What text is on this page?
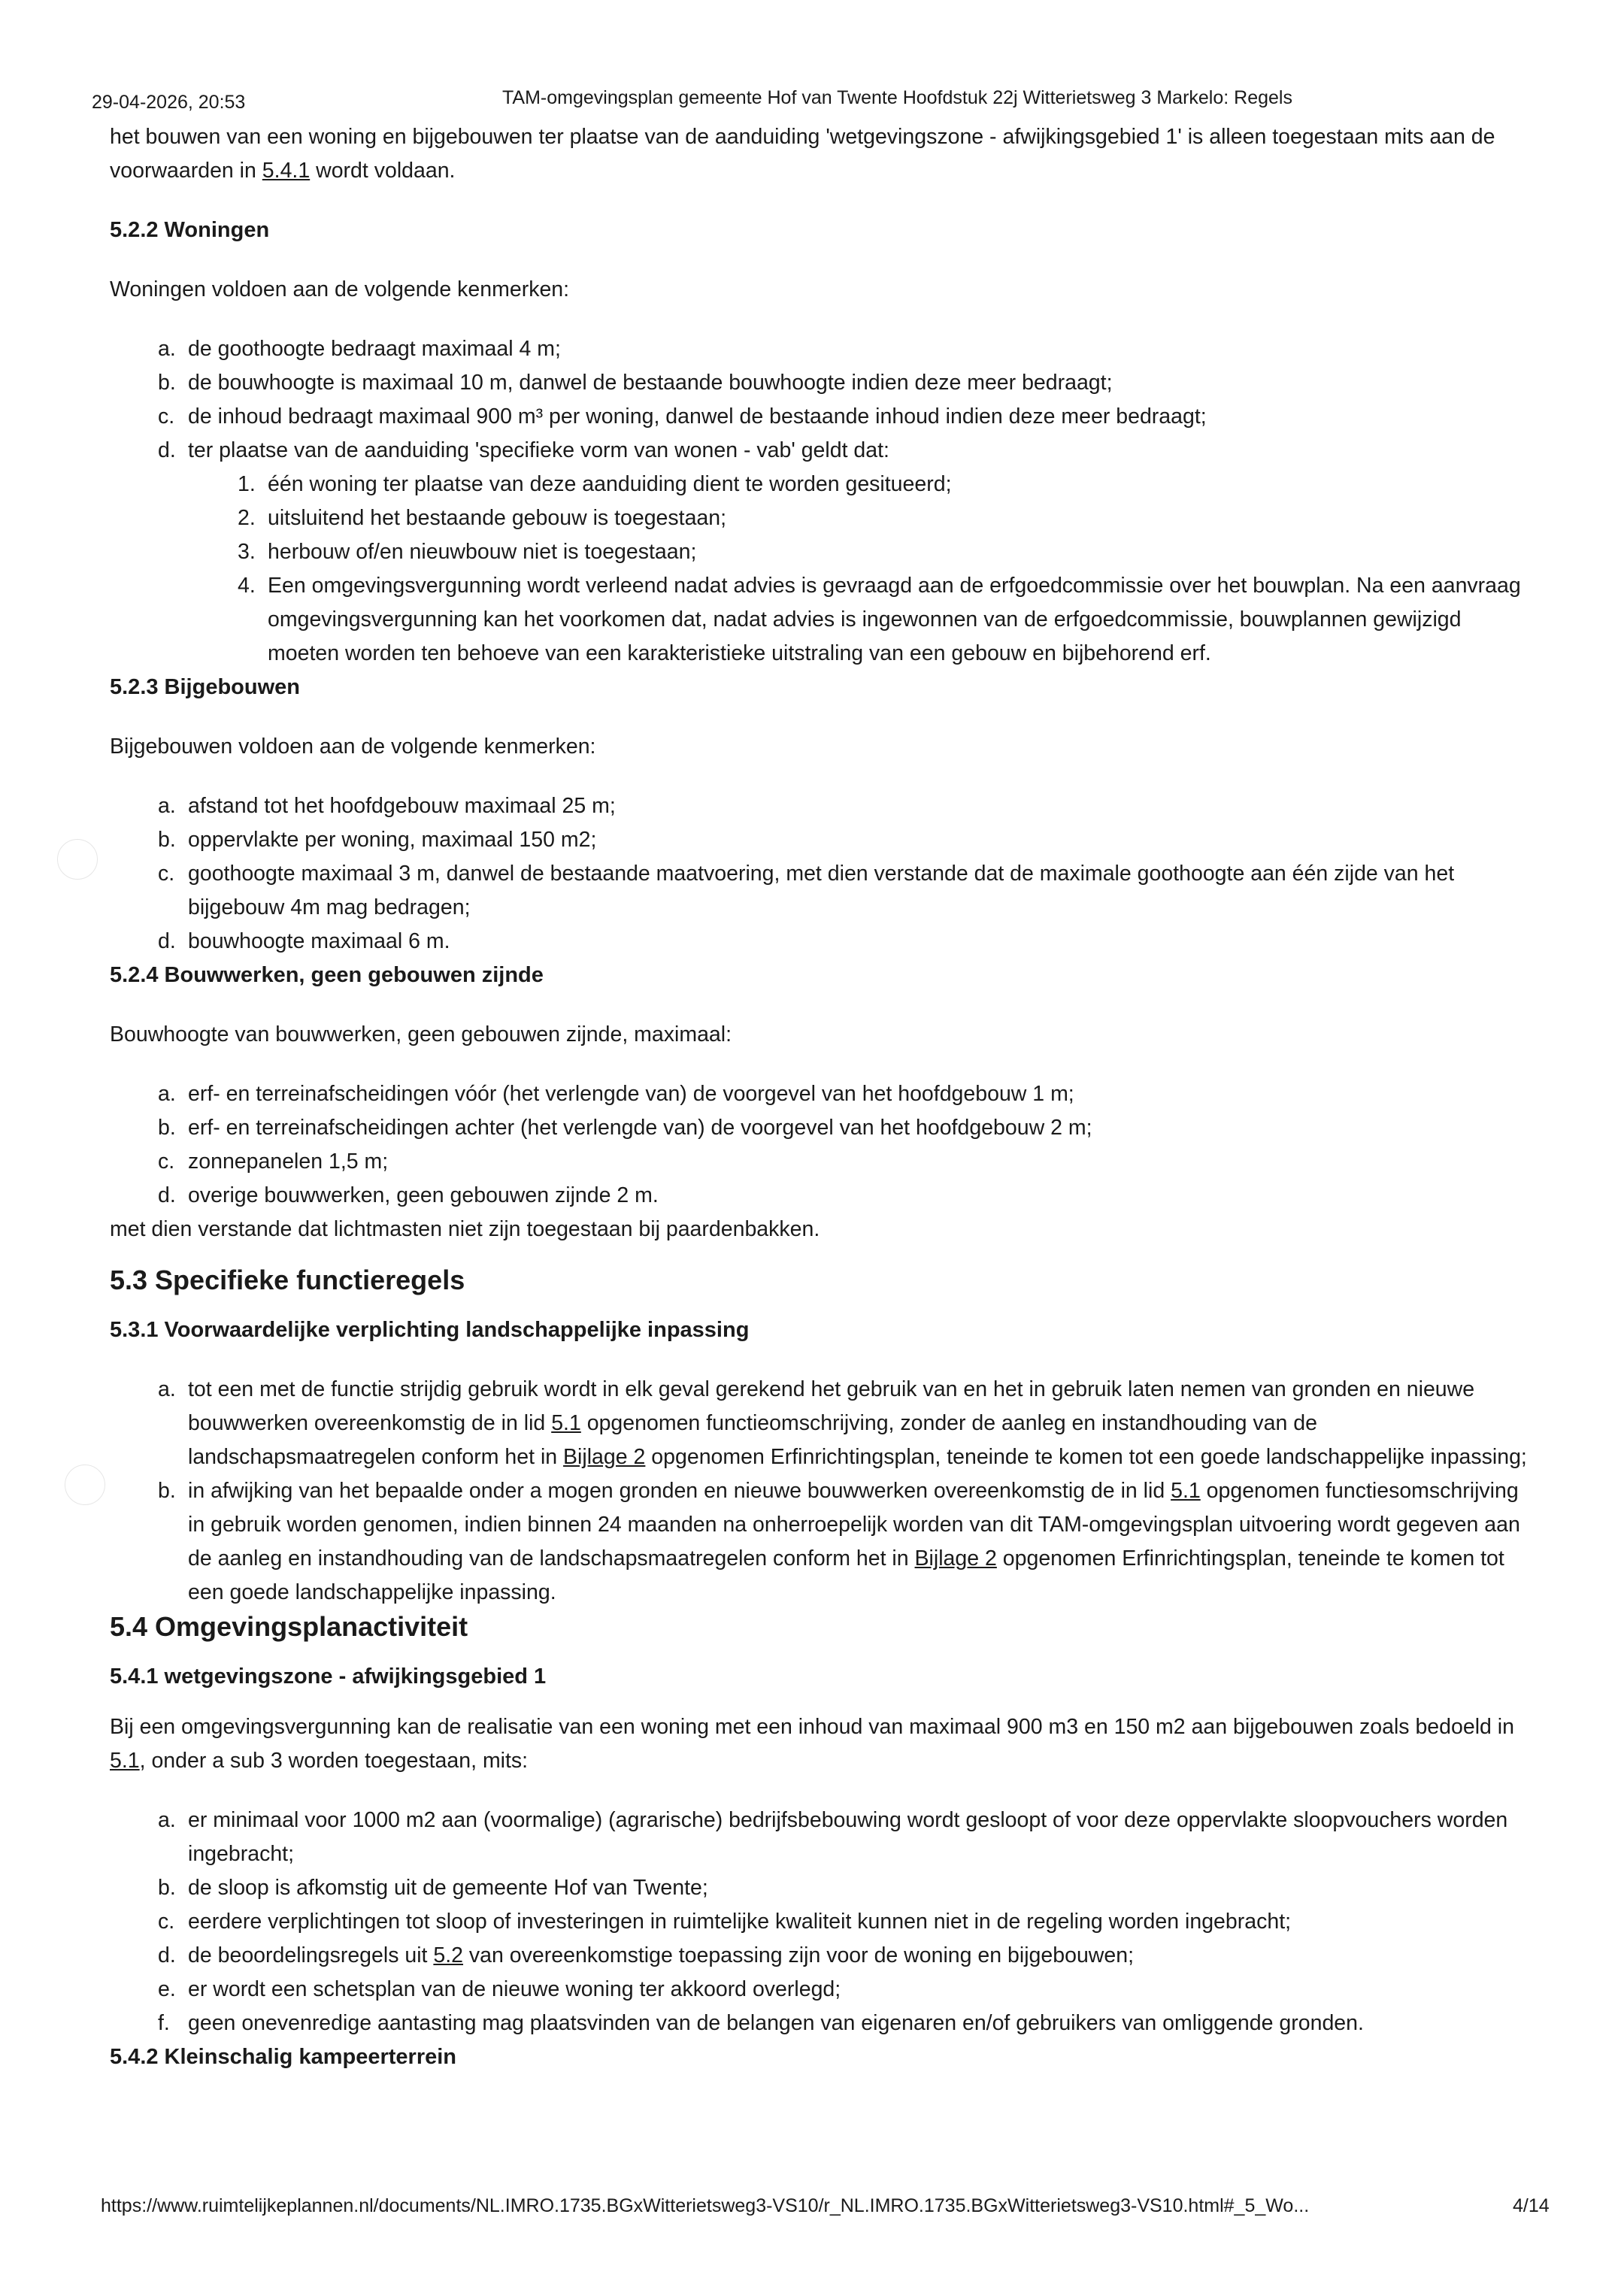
29-04-2026, 20:53	TAM-omgevingsplan gemeente Hof van Twente Hoofdstuk 22j Witterietsweg 3 Markelo: Regels

het bouwen van een woning en bijgebouwen ter plaatse van de aanduiding 'wetgevingszone - afwijkingsgebied 1' is alleen toegestaan mits aan de voorwaarden in 5.4.1 wordt voldaan.

5.2.2 Woningen

Woningen voldoen aan de volgende kenmerken:

a. de goothoogte bedraagt maximaal 4 m;
b. de bouwhoogte is maximaal 10 m, danwel de bestaande bouwhoogte indien deze meer bedraagt;
c. de inhoud bedraagt maximaal 900 m³ per woning, danwel de bestaande inhoud indien deze meer bedraagt;
d. ter plaatse van de aanduiding 'specifieke vorm van wonen - vab' geldt dat:
1. één woning ter plaatse van deze aanduiding dient te worden gesitueerd;
2. uitsluitend het bestaande gebouw is toegestaan;
3. herbouw of/en nieuwbouw niet is toegestaan;
4. Een omgevingsvergunning wordt verleend nadat advies is gevraagd aan de erfgoedcommissie over het bouwplan. Na een aanvraag omgevingsvergunning kan het voorkomen dat, nadat advies is ingewonnen van de erfgoedcommissie, bouwplannen gewijzigd moeten worden ten behoeve van een karakteristieke uitstraling van een gebouw en bijbehorend erf.

5.2.3 Bijgebouwen

Bijgebouwen voldoen aan de volgende kenmerken:

a. afstand tot het hoofdgebouw maximaal 25 m;
b. oppervlakte per woning, maximaal 150 m2;
c. goothoogte maximaal 3 m, danwel de bestaande maatvoering, met dien verstande dat de maximale goothoogte aan één zijde van het bijgebouw 4m mag bedragen;
d. bouwhoogte maximaal 6 m.

5.2.4 Bouwwerken, geen gebouwen zijnde

Bouwhoogte van bouwwerken, geen gebouwen zijnde, maximaal:

a. erf- en terreinafscheidingen vóór (het verlengde van) de voorgevel van het hoofdgebouw 1 m;
b. erf- en terreinafscheidingen achter (het verlengde van) de voorgevel van het hoofdgebouw 2 m;
c. zonnepanelen 1,5 m;
d. overige bouwwerken, geen gebouwen zijnde 2 m.

met dien verstande dat lichtmasten niet zijn toegestaan bij paardenbakken.

5.3 Specifieke functieregels

5.3.1 Voorwaardelijke verplichting landschappelijke inpassing

a. tot een met de functie strijdig gebruik wordt in elk geval gerekend het gebruik van en het in gebruik laten nemen van gronden en nieuwe bouwwerken overeenkomstig de in lid 5.1 opgenomen functieomschrijving, zonder de aanleg en instandhouding van de landschapsmaatregelen conform het in Bijlage 2 opgenomen Erfinrichtingsplan, teneinde te komen tot een goede landschappelijke inpassing;
b. in afwijking van het bepaalde onder a mogen gronden en nieuwe bouwwerken overeenkomstig de in lid 5.1 opgenomen functiesomschrijving in gebruik worden genomen, indien binnen 24 maanden na onherroepelijk worden van dit TAM-omgevingsplan uitvoering wordt gegeven aan de aanleg en instandhouding van de landschapsmaatregelen conform het in Bijlage 2 opgenomen Erfinrichtingsplan, teneinde te komen tot een goede landschappelijke inpassing.

5.4 Omgevingsplanactiviteit

5.4.1 wetgevingszone - afwijkingsgebied 1

Bij een omgevingsvergunning kan de realisatie van een woning met een inhoud van maximaal 900 m3 en 150 m2 aan bijgebouwen zoals bedoeld in 5.1, onder a sub 3 worden toegestaan, mits:

a. er minimaal voor 1000 m2 aan (voormalige) (agrarische) bedrijfsbebouwing wordt gesloopt of voor deze oppervlakte sloopvouchers worden ingebracht;
b. de sloop is afkomstig uit de gemeente Hof van Twente;
c. eerdere verplichtingen tot sloop of investeringen in ruimtelijke kwaliteit kunnen niet in de regeling worden ingebracht;
d. de beoordelingsregels uit 5.2 van overeenkomstige toepassing zijn voor de woning en bijgebouwen;
e. er wordt een schetsplan van de nieuwe woning ter akkoord overlegd;
f. geen onevenredige aantasting mag plaatsvinden van de belangen van eigenaren en/of gebruikers van omliggende gronden.

5.4.2 Kleinschalig kampeerterrein

https://www.ruimtelijkeplannen.nl/documents/NL.IMRO.1735.BGxWitterietsweg3-VS10/r_NL.IMRO.1735.BGxWitterietsweg3-VS10.html#_5_Wo...	4/14
